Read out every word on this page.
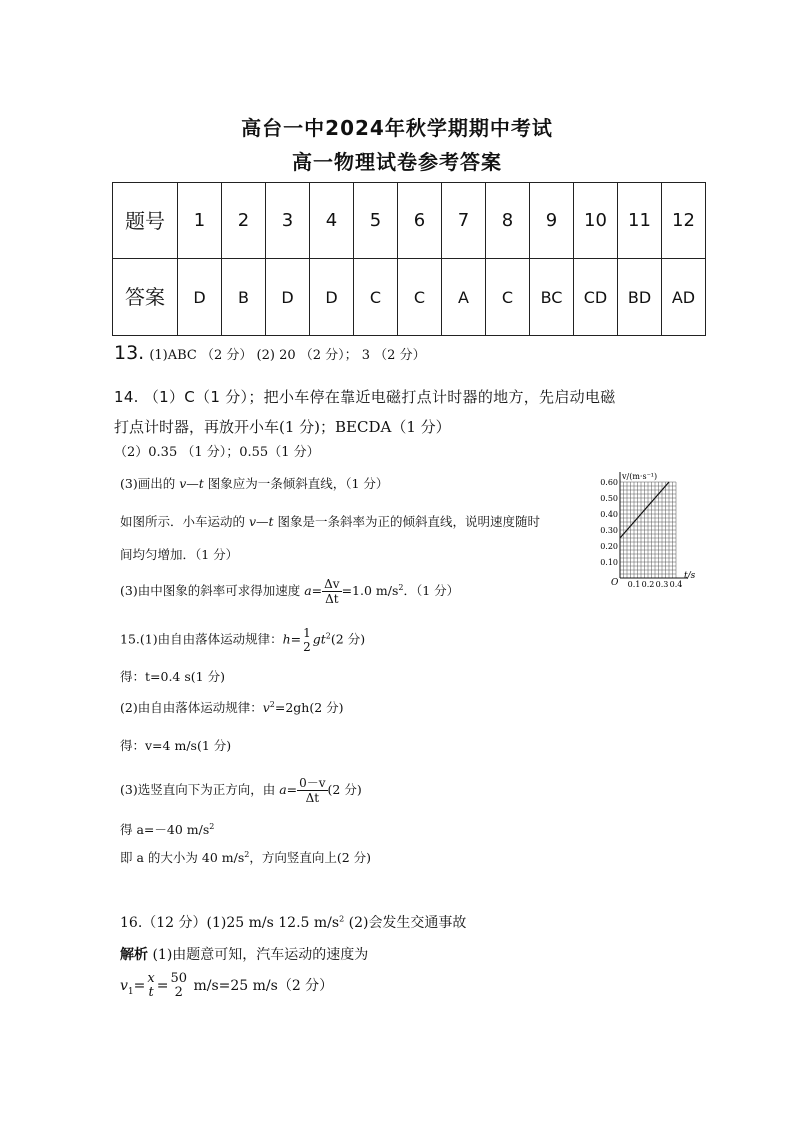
高台一中2024年秋学期期中考试
高一物理试卷参考答案
题号	1	2	3	4	5	6	7	8	9	10	11	12
答案	D	B	D	D	C	C	A	C	BC	CD	BD	AD
13. (1)ABC （2 分） (2) 20 （2 分）； 3 （2 分）
14. （1）C（1 分）；把小车停在靠近电磁打点计时器的地方，先启动电磁
打点计时器，再放开小车(1 分)；BECDA（1 分）
（2）0.35 （1 分）；0.55（1 分）
(3)画出的 v—t 图象应为一条倾斜直线，（1 分）
如图所示．小车运动的 v—t 图象是一条斜率为正的倾斜直线，说明速度随时
间均匀增加．（1 分）
(3)由中图象的斜率可求得加速度 $a= \frac{\Delta v}{\Delta t} =1.0$ $m/s^2$．（1 分）
v/(m·s⁻¹)
t/s
O
0.60
0.50
0.40
0.30
0.20
0.10
0.1 0.2 0.3 0.4
15.(1)由自由落体运动规律：h= 1
2
$gt^2(2$ 分)
得：t=0.4 s(1 分)
(2)由自由落体运动规律：$v^2=2gh(2$ 分)
得：v=4 m/s(1 分)
(3)选竖直向下为正方向，由 $a= \frac{0-v}{\Delta t} (2$ 分)
得 a=－40 $m/s^2$
即 a 的大小为 40 $m/s^2$，方向竖直向上(2 分)
16.（12 分）(1)25 m/s 12.5 $m/s^2$ (2)会发生交通事故
解析 (1)由题意可知，汽车运动的速度为
$v_1= x$
t = 50
2 m/s=25 m/s（2 分）
